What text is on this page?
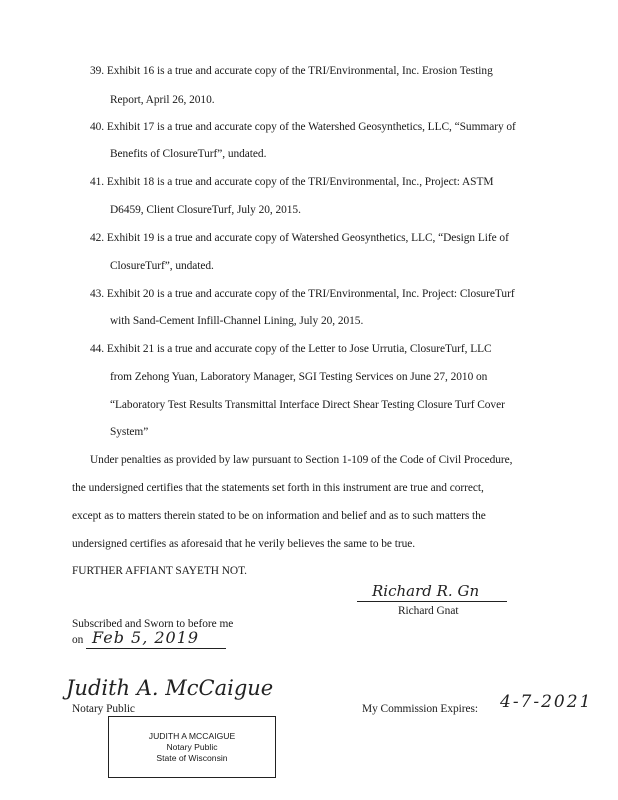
39. Exhibit 16 is a true and accurate copy of the TRI/Environmental, Inc. Erosion Testing
Report, April 26, 2010.
40. Exhibit 17 is a true and accurate copy of the Watershed Geosynthetics, LLC, “Summary of
Benefits of ClosureTurf”, undated.
41. Exhibit 18 is a true and accurate copy of the TRI/Environmental, Inc., Project: ASTM
D6459, Client ClosureTurf, July 20, 2015.
42. Exhibit 19 is a true and accurate copy of Watershed Geosynthetics, LLC, “Design Life of
ClosureTurf”, undated.
43. Exhibit 20 is a true and accurate copy of the TRI/Environmental, Inc. Project: ClosureTurf
with Sand-Cement Infill-Channel Lining, July 20, 2015.
44. Exhibit 21 is a true and accurate copy of the Letter to Jose Urrutia, ClosureTurf, LLC
from Zehong Yuan, Laboratory Manager, SGI Testing Services on June 27, 2010 on
“Laboratory Test Results Transmittal Interface Direct Shear Testing Closure Turf Cover
System”
Under penalties as provided by law pursuant to Section 1-109 of the Code of Civil Procedure,
the undersigned certifies that the statements set forth in this instrument are true and correct,
except as to matters therein stated to be on information and belief and as to such matters the
undersigned certifies as aforesaid that he verily believes the same to be true.
FURTHER AFFIANT SAYETH NOT.
Richard R. Gn
Richard Gnat
Subscribed and Sworn to before me
on Feb 5, 2019
Judith A. McCaigue
Notary Public	My Commission Expires: 4-7-2021
JUDITH A MCCAIGUE
Notary Public
State of Wisconsin
